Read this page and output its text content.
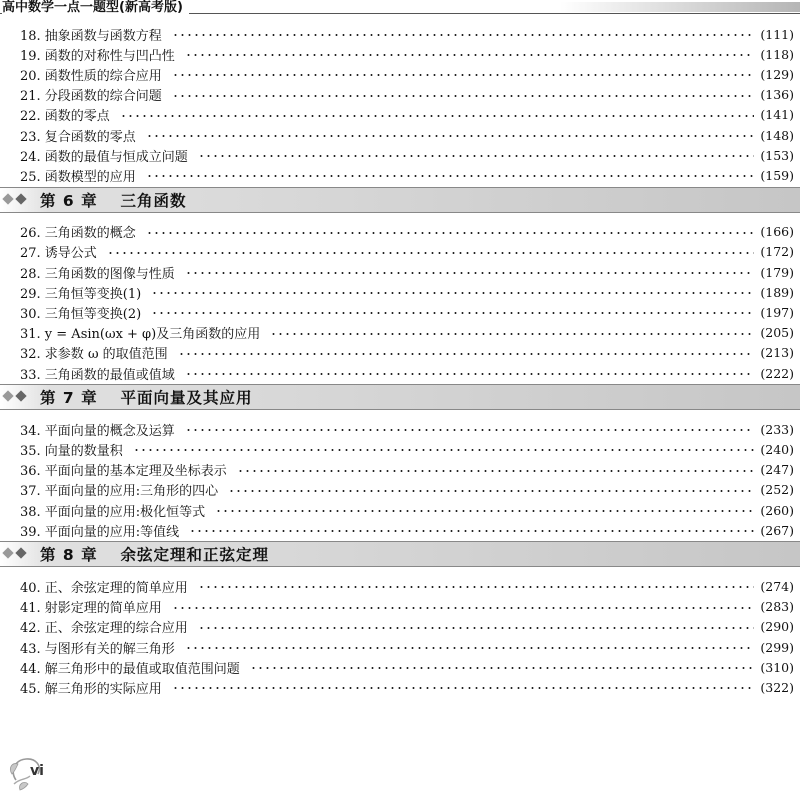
高中数学一点一题型(新高考版)
18. 抽象函数与函数方程	(111)
19. 函数的对称性与凹凸性	(118)
20. 函数性质的综合应用	(129)
21. 分段函数的综合问题	(136)
22. 函数的零点	(141)
23. 复合函数的零点	(148)
24. 函数的最值与恒成立问题	(153)
25. 函数模型的应用	(159)
第 6 章　 三角函数
26. 三角函数的概念	(166)
27. 诱导公式	(172)
28. 三角函数的图像与性质	(179)
29. 三角恒等变换(1)	(189)
30. 三角恒等变换(2)	(197)
31. y = Asin(ωx + φ)及三角函数的应用	(205)
32. 求参数 ω 的取值范围	(213)
33. 三角函数的最值或值域	(222)
第 7 章　 平面向量及其应用
34. 平面向量的概念及运算	(233)
35. 向量的数量积	(240)
36. 平面向量的基本定理及坐标表示	(247)
37. 平面向量的应用:三角形的四心	(252)
38. 平面向量的应用:极化恒等式	(260)
39. 平面向量的应用:等值线	(267)
第 8 章　 余弦定理和正弦定理
40. 正、余弦定理的简单应用	(274)
41. 射影定理的简单应用	(283)
42. 正、余弦定理的综合应用	(290)
43. 与图形有关的解三角形	(299)
44. 解三角形中的最值或取值范围问题	(310)
45. 解三角形的实际应用	(322)
vi
